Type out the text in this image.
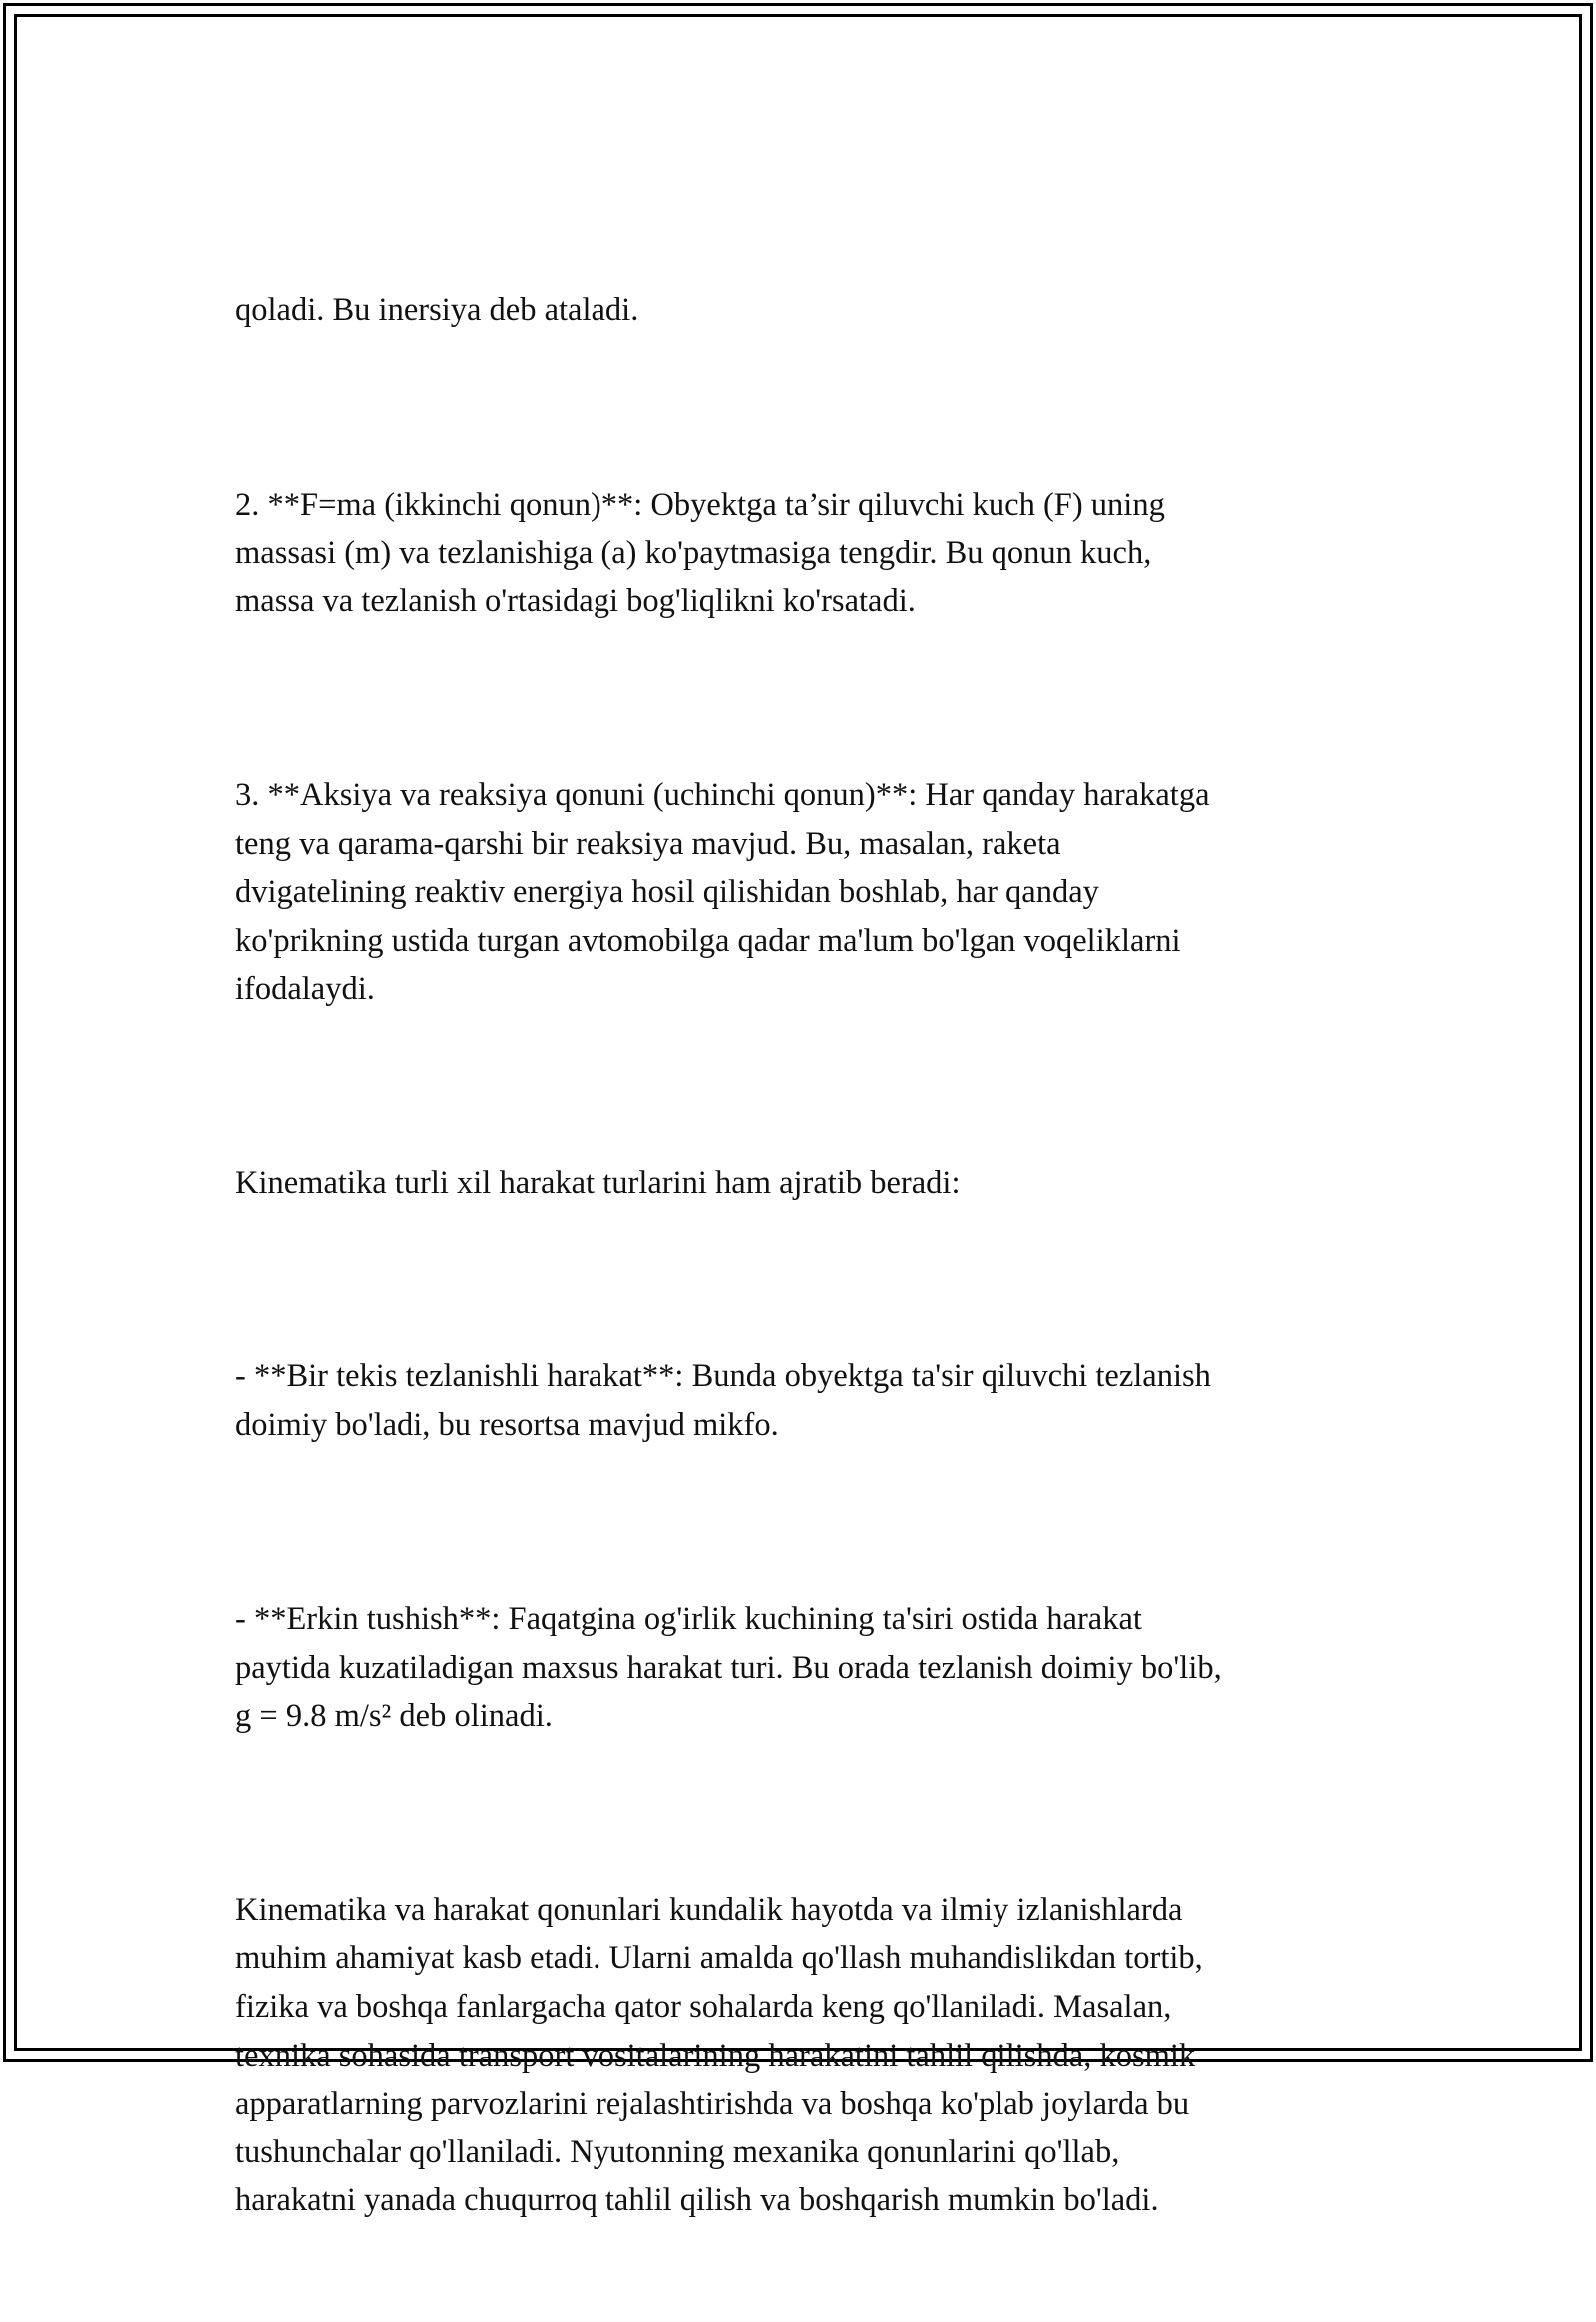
qoladi. Bu inersiya deb ataladi.

2. **F=ma (ikkinchi qonun)**: Obyektga ta’sir qiluvchi kuch (F) uning
massasi (m) va tezlanishiga (a) ko'paytmasiga tengdir. Bu qonun kuch,
massa va tezlanish o'rtasidagi bog'liqlikni ko'rsatadi.

3. **Aksiya va reaksiya qonuni (uchinchi qonun)**: Har qanday harakatga
teng va qarama-qarshi bir reaksiya mavjud. Bu, masalan, raketa
dvigatelining reaktiv energiya hosil qilishidan boshlab, har qanday
ko'prikning ustida turgan avtomobilga qadar ma'lum bo'lgan voqeliklarni
ifodalaydi.

Kinematika turli xil harakat turlarini ham ajratib beradi:

- **Bir tekis tezlanishli harakat**: Bunda obyektga ta'sir qiluvchi tezlanish
doimiy bo'ladi, bu resortsa mavjud mikfo.

- **Erkin tushish**: Faqatgina og'irlik kuchining ta'siri ostida harakat
paytida kuzatiladigan maxsus harakat turi. Bu orada tezlanish doimiy bo'lib,
g = 9.8 m/s² deb olinadi.

Kinematika va harakat qonunlari kundalik hayotda va ilmiy izlanishlarda
muhim ahamiyat kasb etadi. Ularni amalda qo'llash muhandislikdan tortib,
fizika va boshqa fanlargacha qator sohalarda keng qo'llaniladi. Masalan,
texnika sohasida transport vositalarining harakatini tahlil qilishda, kosmik
apparatlarning parvozlarini rejalashtirishda va boshqa ko'plab joylarda bu
tushunchalar qo'llaniladi. Nyutonning mexanika qonunlarini qo'llab,
harakatni yanada chuqurroq tahlil qilish va boshqarish mumkin bo'ladi.
